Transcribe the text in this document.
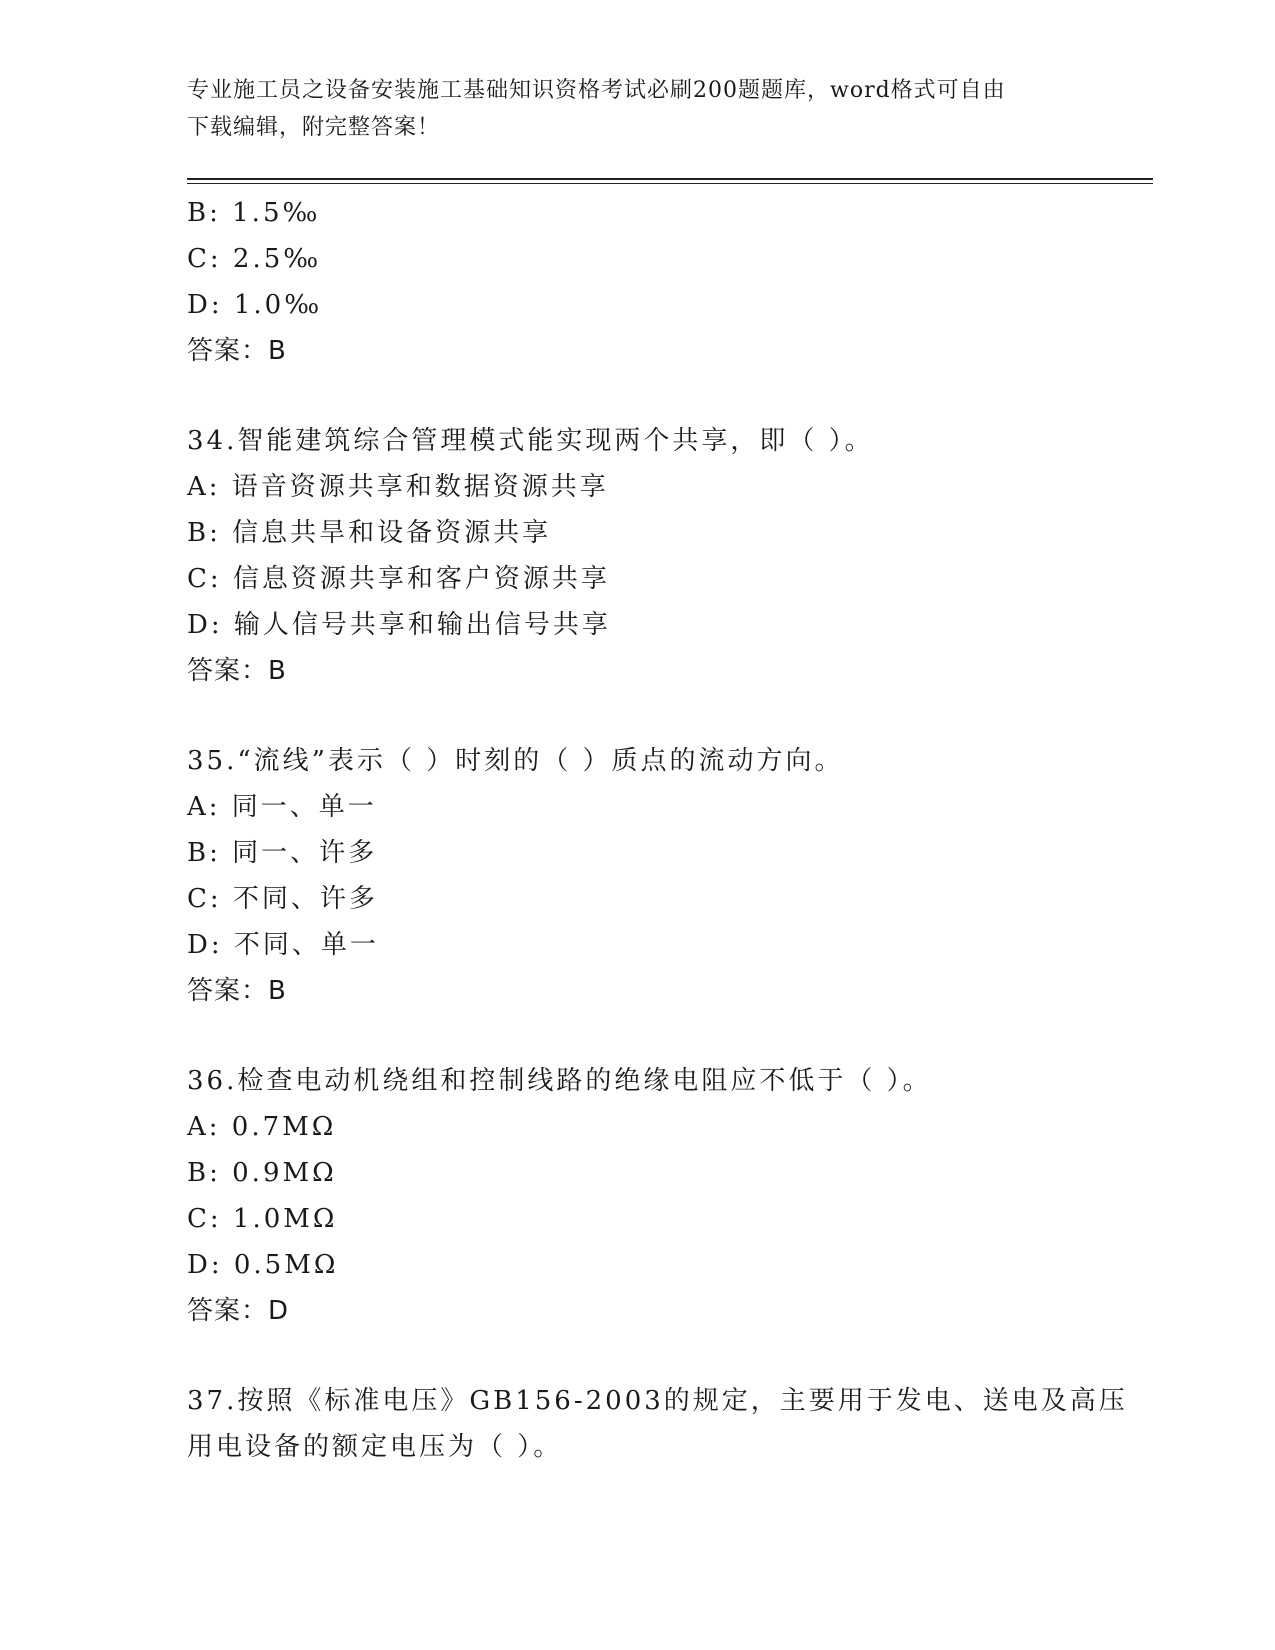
专业施工员之设备安装施工基础知识资格考试必刷200题题库，word格式可自由
下载编辑，附完整答案！
B: 1.5‰
C: 2.5‰
D: 1.0‰
答案：B
34.智能建筑综合管理模式能实现两个共享，即（ ）。
A: 语音资源共享和数据资源共享
B: 信息共旱和设备资源共享
C: 信息资源共享和客户资源共享
D: 输人信号共享和输出信号共享
答案：B
35.“流线”表示（ ）时刻的（ ）质点的流动方向。
A: 同一、单一
B: 同一、许多
C: 不同、许多
D: 不同、单一
答案：B
36.检查电动机绕组和控制线路的绝缘电阻应不低于（ ）。
A: 0.7MΩ
B: 0.9MΩ
C: 1.0MΩ
D: 0.5MΩ
答案：D
37.按照《标准电压》GB156-2003的规定，主要用于发电、送电及高压
用电设备的额定电压为（ ）。
